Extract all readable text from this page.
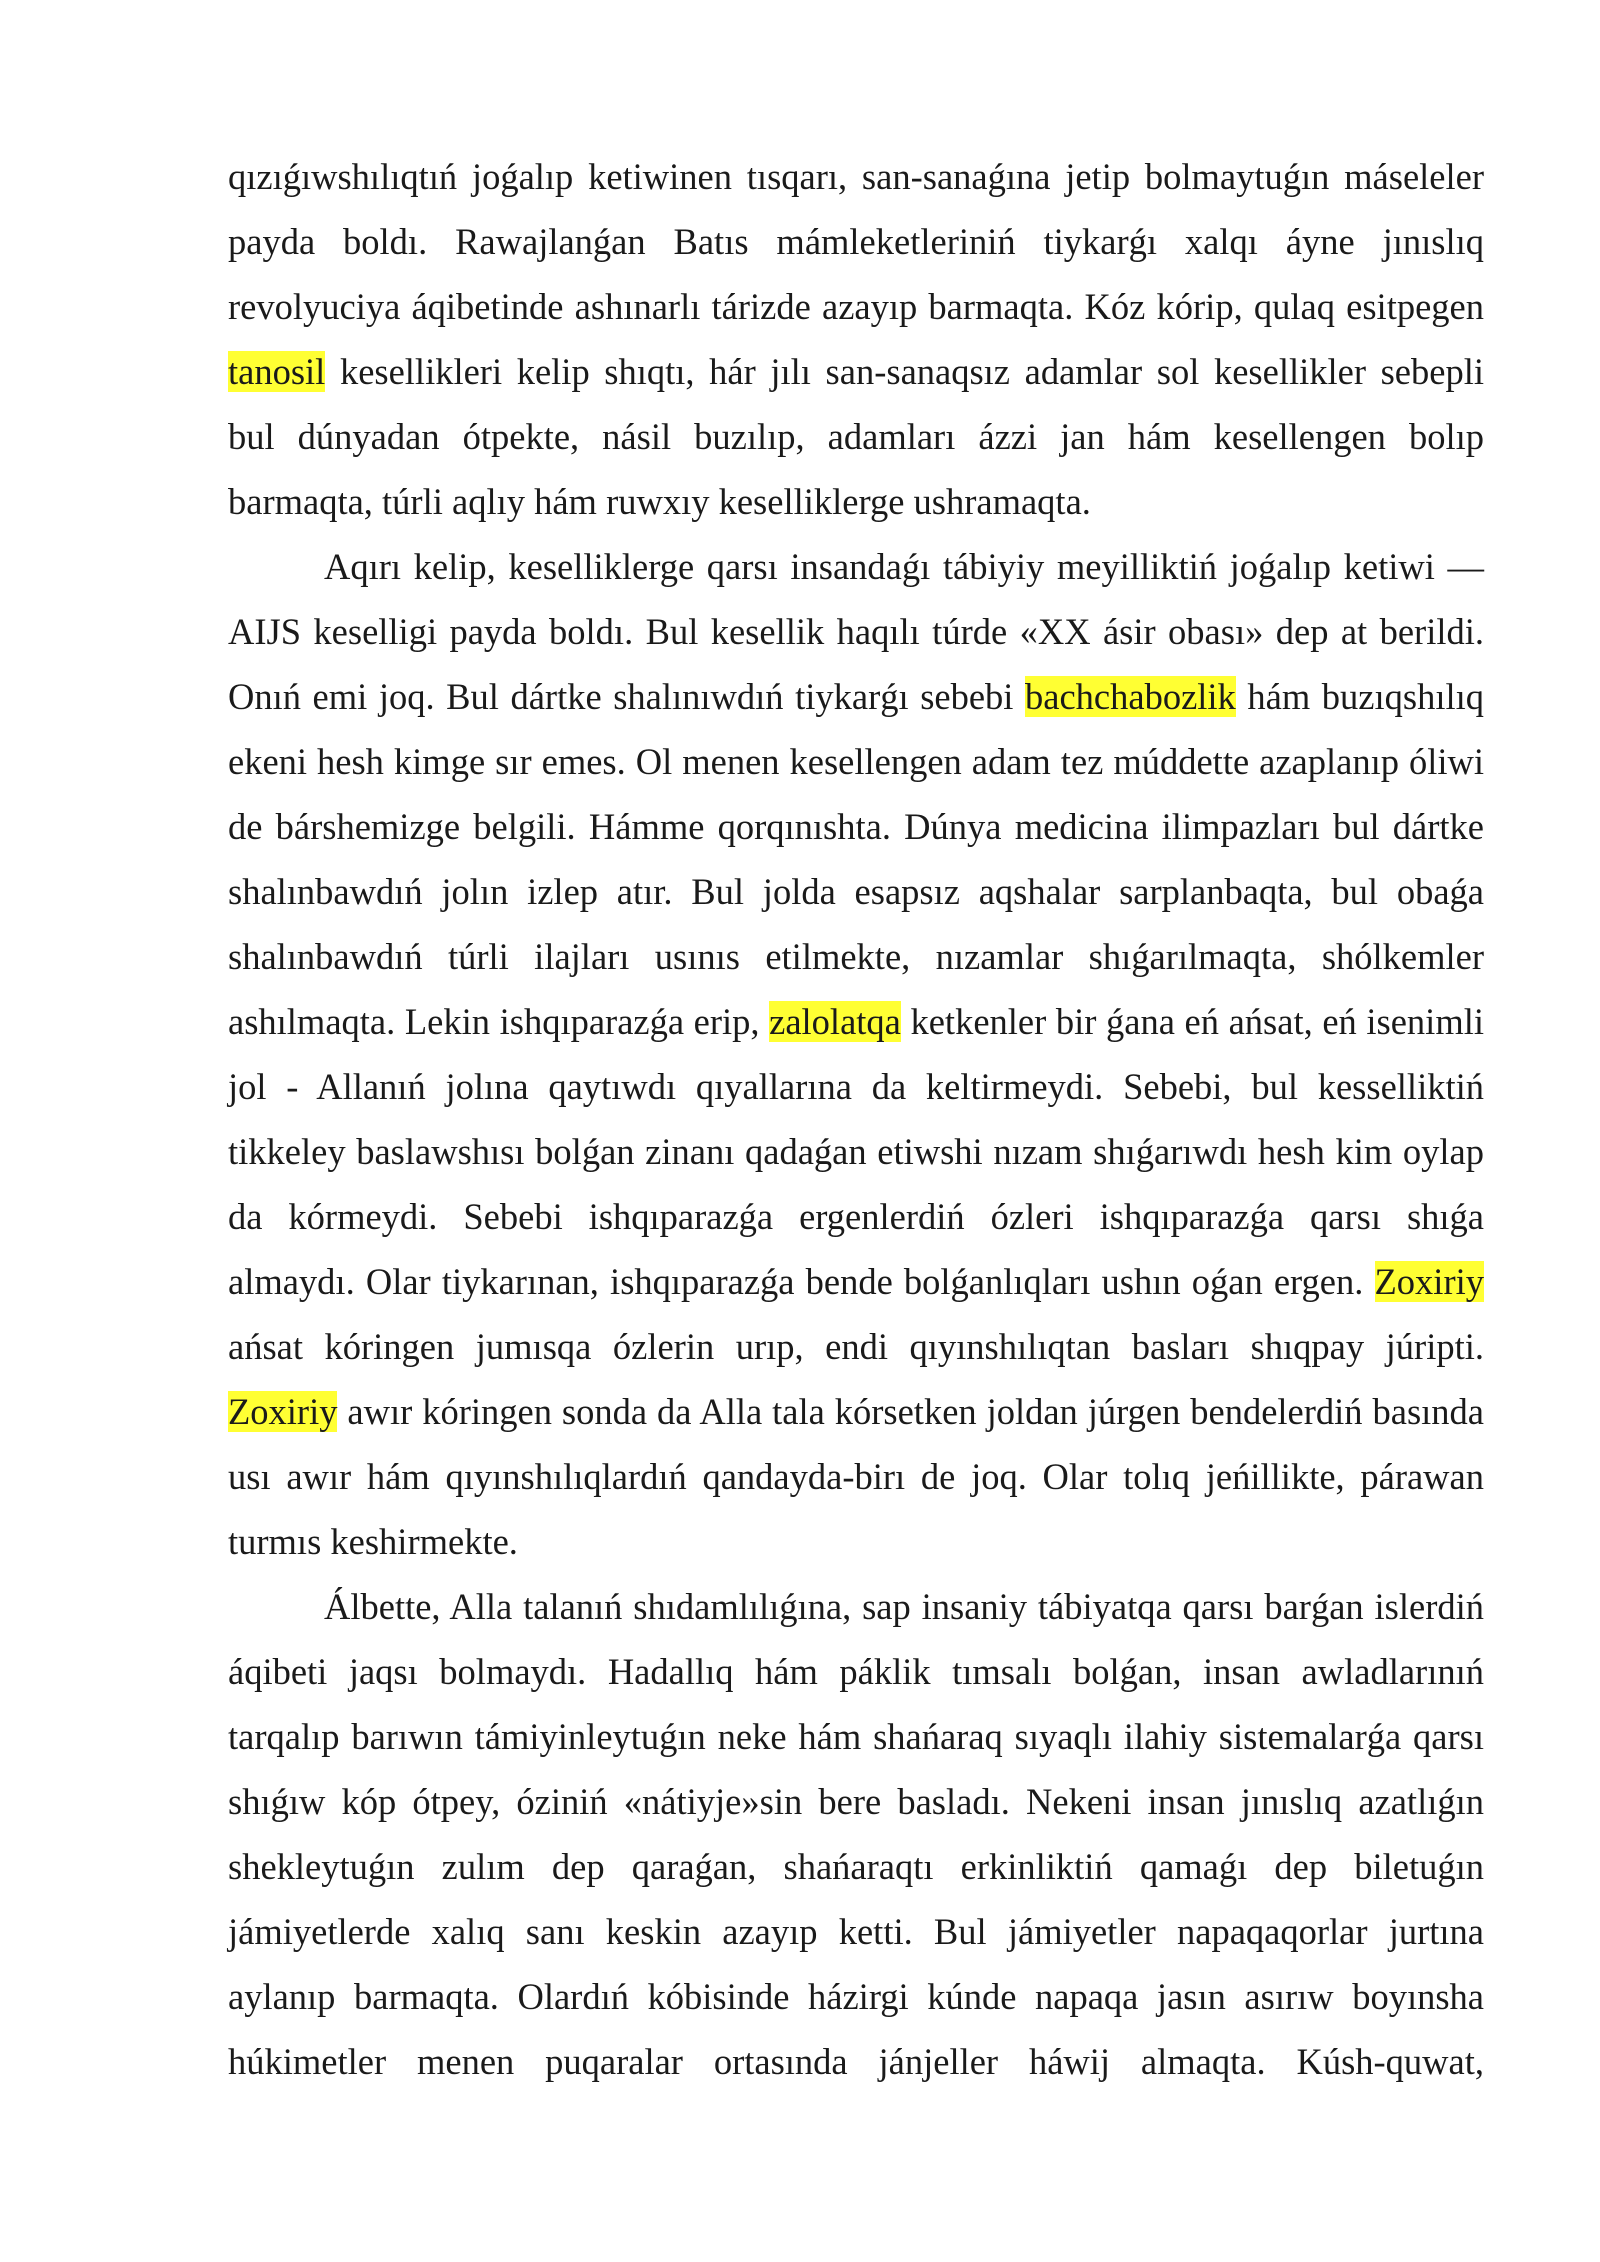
qızıǵıwshılıqtıń joǵalıp ketiwinen tısqarı, san-sanaǵına jetip bolmaytuǵın máseleler payda boldı. Rawajlanǵan Batıs mámleketleriniń tiykarǵı xalqı áyne jınıslıq revolyuciya áqibetinde ashınarlı tárizde azayıp barmaqta. Kóz kórip, qulaq esitpegen tanosil kesellikleri kelip shıqtı, hár jılı san-sanaqsız adamlar sol kesellikler sebepli bul dúnyadan ótpekte, násil buzılıp, adamları ázzi jan hám kesellengen bolıp barmaqta, túrli aqlıy hám ruwxıy keselliklerge ushramaqta.

Aqırı kelip, keselliklerge qarsı insandaǵı tábiyiy meyilliktiń joǵalıp ketiwi — AIJS keselligi payda boldı. Bul kesellik haqılı túrde «XX ásir obası» dep at berildi. Onıń emi joq. Bul dártke shalınıwdıń tiykarǵı sebebi bachchabozlik hám buzıqshılıq ekeni hesh kimge sır emes. Ol menen kesellengen adam tez múddette azaplanıp óliwi de bárshemizge belgili. Hámme qorqınıshta. Dúnya medicina ilimpazları bul dártke shalınbawdıń jolın izlep atır. Bul jolda esapsız aqshalar sarplanbaqta, bul obaǵa shalınbawdıń túrli ilajları usınıs etilmekte, nızamlar shıǵarılmaqta, shólkemler ashılmaqta. Lekin ishqıparazǵa erip, zalolatqa ketkenler bir ǵana eń ańsat, eń isenimli jol - Allanıń jolına qaytıwdı qıyallarına da keltirmeydi. Sebebi, bul kesselliktiń tikkeley baslawshısı bolǵan zinanı qadaǵan etiwshi nızam shıǵarıwdı hesh kim oylap da kórmeydi. Sebebi ishqıparazǵa ergenlerdiń ózleri ishqıparazǵa qarsı shıǵa almaydı. Olar tiykarınan, ishqıparazǵa bende bolǵanlıqları ushın oǵan ergen. Zoxiriy ańsat kóringen jumısqa ózlerin urıp, endi qıyınshılıqtan basları shıqpay júripti. Zoxiriy awır kóringen sonda da Alla tala kórsetken joldan júrgen bendelerdiń basında usı awır hám qıyınshılıqlardıń qandayda-birı de joq. Olar tolıq jeńillikte, párawan turmıs keshirmekte.

Álbette, Alla talanıń shıdamlılıǵına, sap insaniy tábiyatqa qarsı barǵan islerdiń áqibeti jaqsı bolmaydı. Hadallıq hám páklik tımsalı bolǵan, insan awladlarınıń tarqalıp barıwın támiyinleytuǵın neke hám shańaraq sıyaqlı ilahiy sistemalarǵa qarsı shıǵıw kóp ótpey, óziniń «nátiyje»sin bere basladı. Nekeni insan jınıslıq azatlıǵın shekleytuǵın zulım dep qaraǵan, shańaraqtı erkinliktiń qamaǵı dep biletuǵın jámiyetlerde xalıq sanı keskin azayıp ketti. Bul jámiyetler napaqaqorlar jurtına aylanıp barmaqta. Olardıń kóbisinde házirgi kúnde napaqa jasın asırıw boyınsha húkimetler menen puqaralar ortasında jánjeller háwij almaqta. Kúsh-quwat,
